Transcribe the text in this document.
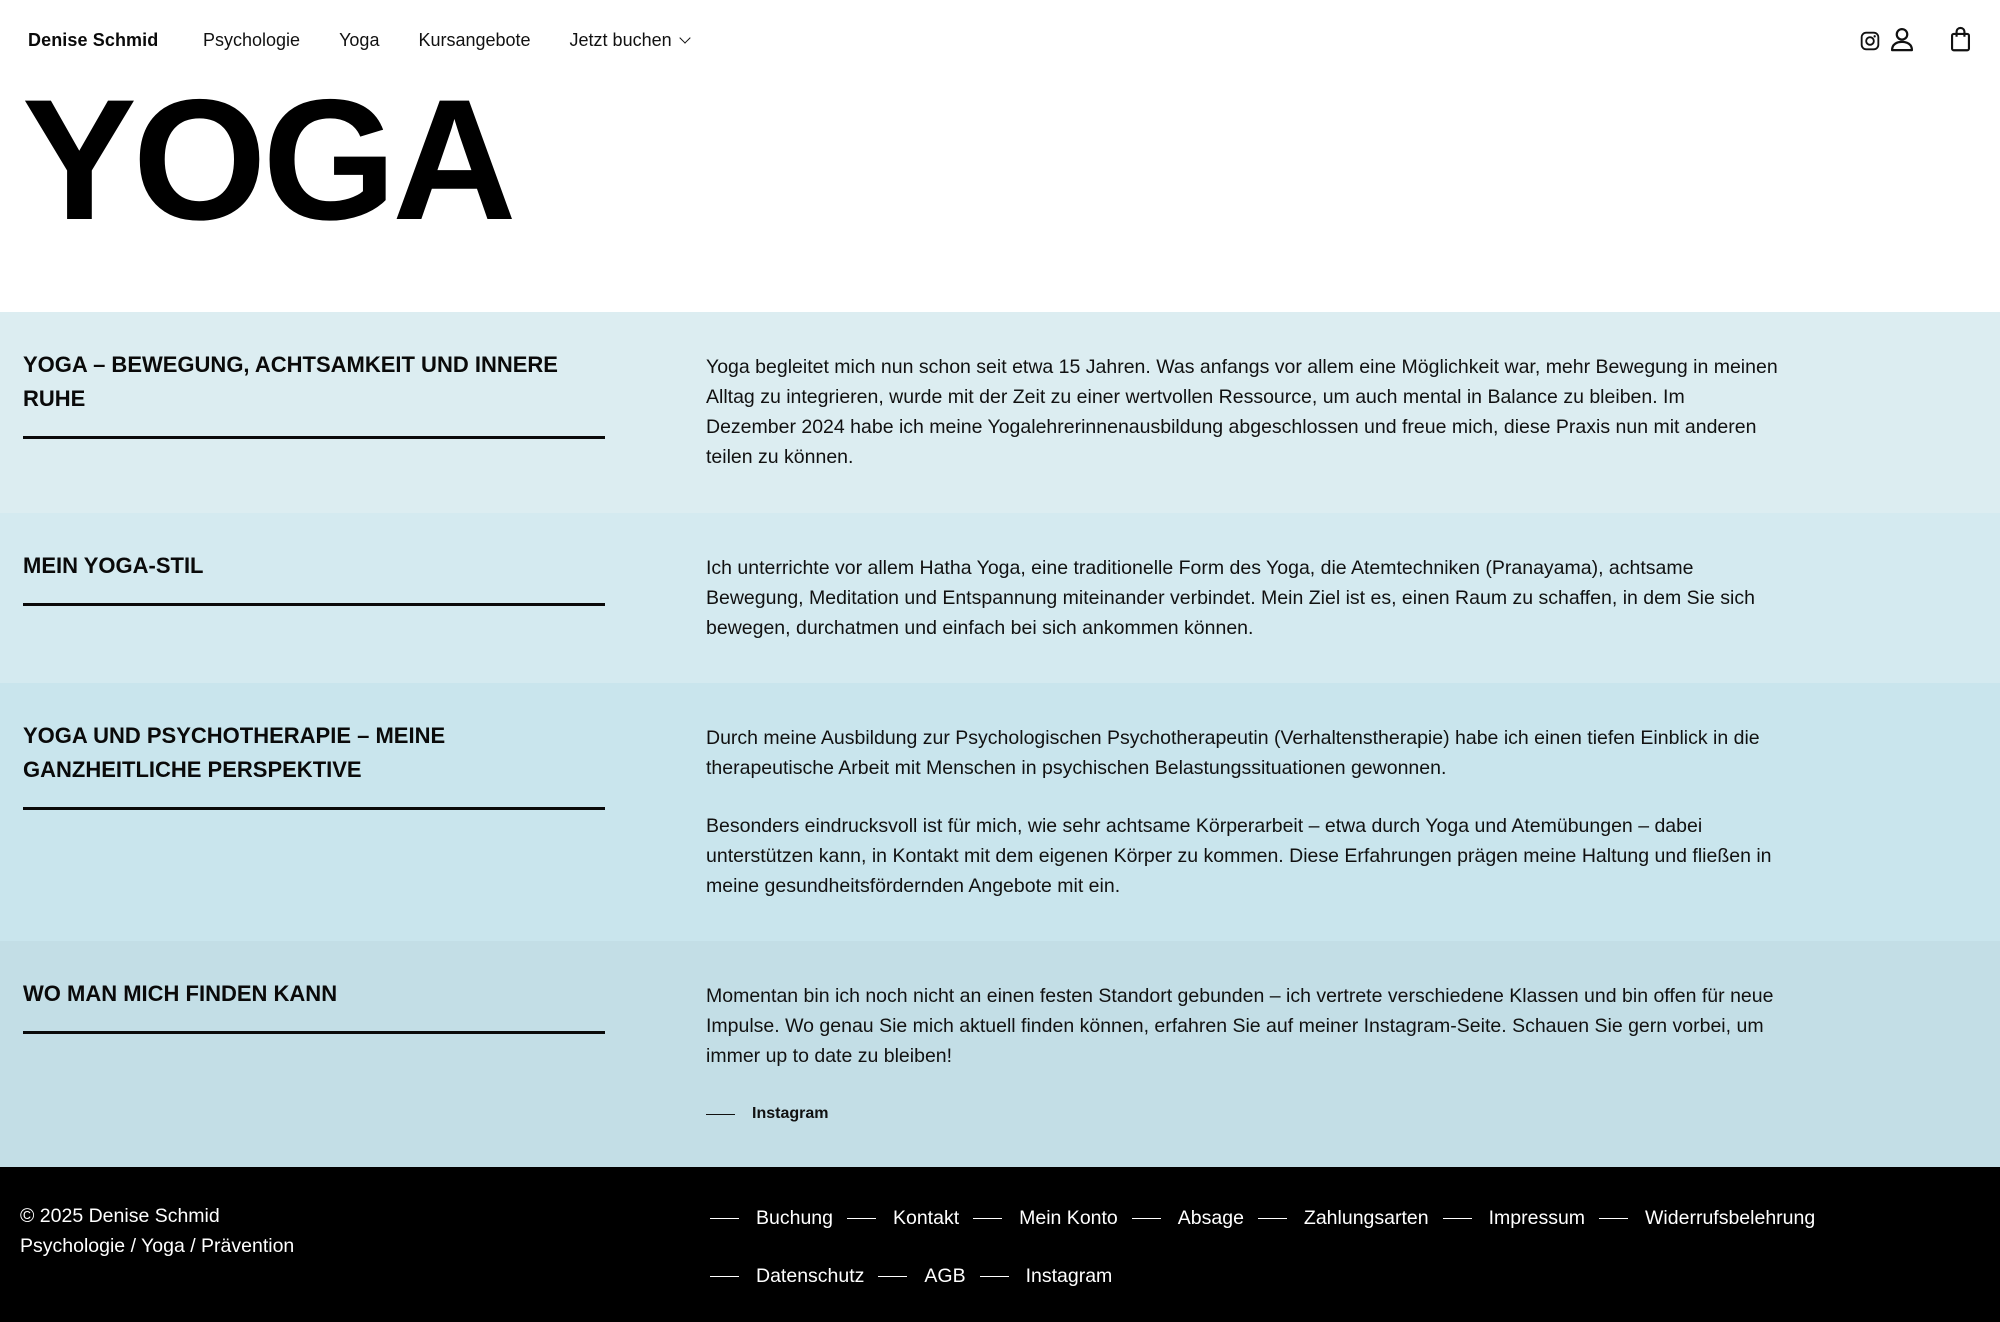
Denise Schmid Psychologie Yoga Kursangebote Jetzt buchen
YOGA
YOGA – BEWEGUNG, ACHTSAMKEIT UND INNERE RUHE

Yoga begleitet mich nun schon seit etwa 15 Jahren. Was anfangs vor allem eine Möglichkeit war, mehr Bewegung in meinen Alltag zu integrieren, wurde mit der Zeit zu einer wertvollen Ressource, um auch mental in Balance zu bleiben. Im Dezember 2024 habe ich meine Yogalehrerinnenausbildung abgeschlossen und freue mich, diese Praxis nun mit anderen teilen zu können.

MEIN YOGA-STIL	Ich unterrichte vor allem Hatha Yoga, eine traditionelle Form des Yoga, die Atemtechniken (Pranayama), achtsame Bewegung, Meditation und Entspannung miteinander verbindet. Mein Ziel ist es, einen Raum zu schaffen, in dem Sie sich bewegen, durchatmen und einfach bei sich ankommen können.

YOGA UND PSYCHOTHERAPIE – MEINE GANZHEITLICHE PERSPEKTIVE

Durch meine Ausbildung zur Psychologischen Psychotherapeutin (Verhaltenstherapie) habe ich einen tiefen Einblick in die therapeutische Arbeit mit Menschen in psychischen Belastungssituationen gewonnen.

Besonders eindrucksvoll ist für mich, wie sehr achtsame Körperarbeit – etwa durch Yoga und Atemübungen – dabei unterstützen kann, in Kontakt mit dem eigenen Körper zu kommen. Diese Erfahrungen prägen meine Haltung und fließen in meine gesundheitsfördernden Angebote mit ein.

WO MAN MICH FINDEN KANN	Momentan bin ich noch nicht an einen festen Standort gebunden – ich vertrete verschiedene Klassen und bin offen für neue Impulse. Wo genau Sie mich aktuell finden können, erfahren Sie auf meiner Instagram-Seite. Schauen Sie gern vorbei, um immer up to date zu bleiben!

Instagram
© 2025 Denise Schmid
Psychologie / Yoga / Prävention
Buchung	Kontakt	Mein Konto	Absage	Zahlungsarten	Impressum	Widerrufsbelehrung
Datenschutz	AGB	Instagram
